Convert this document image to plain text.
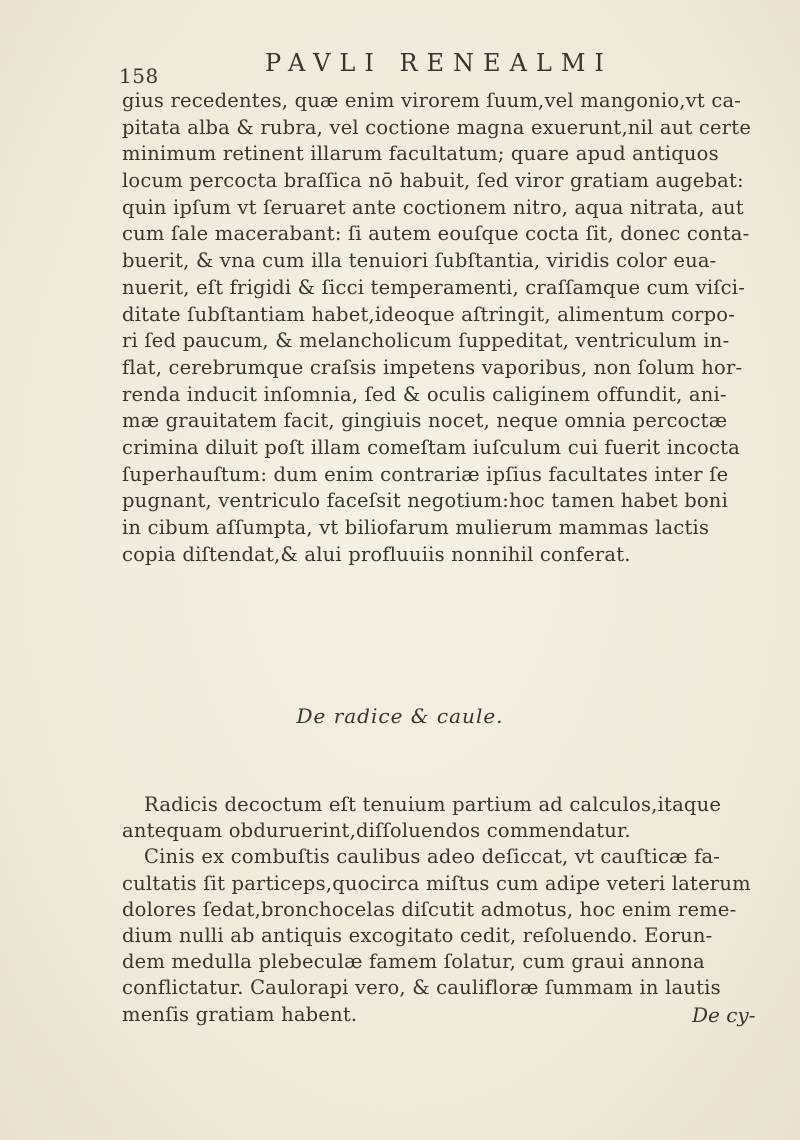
158	PAVLI RENEALMI
gius recedentes, quæ enim virorem ſuum,vel mangonio,vt ca-
pitata alba & rubra, vel coctione magna exuerunt,nil aut certe
minimum retinent illarum facultatum; quare apud antiquos
locum percocta braſſica nō habuit, ſed viror gratiam augebat:
quin ipſum vt ſeruaret ante coctionem nitro, aqua nitrata, aut
cum ſale macerabant: ſi autem eouſque cocta ſit, donec conta-
buerit, & vna cum illa tenuiori ſubſtantia, viridis color eua-
nuerit, eſt frigidi & ſicci temperamenti, craſſamque cum viſci-
ditate ſubſtantiam habet,ideoque aſtringit, alimentum corpo-
ri ſed paucum, & melancholicum ſuppeditat, ventriculum in-
flat, cerebrumque craſsis impetens vaporibus, non ſolum hor-
renda inducit inſomnia, ſed & oculis caliginem offundit, ani-
mæ grauitatem facit, gingiuis nocet, neque omnia percoctæ
crimina diluit poſt illam comeſtam iuſculum cui fuerit incocta
ſuperhauſtum: dum enim contrariæ ipſius facultates inter ſe
pugnant, ventriculo faceſsit negotium:hoc tamen habet boni
in cibum aſſumpta, vt biliofarum mulierum mammas lactis
copia diſtendat,& alui profluuiis nonnihil conferat.
De radice & caule.
Radicis decoctum eſt tenuium partium ad calculos,itaque
antequam obduruerint,diſſoluendos commendatur.
Cinis ex combuſtis caulibus adeo deſiccat, vt cauſticæ fa-
cultatis ſit particeps,quocirca miſtus cum adipe veteri laterum
dolores ſedat,bronchocelas diſcutit admotus, hoc enim reme-
dium nulli ab antiquis excogitato cedit, reſoluendo. Eorun-
dem medulla plebeculæ famem ſolatur, cum graui annona
conflictatur. Caulorapi vero, & caulifloræ ſummam in lautis
menſis gratiam habent.	De cy-
